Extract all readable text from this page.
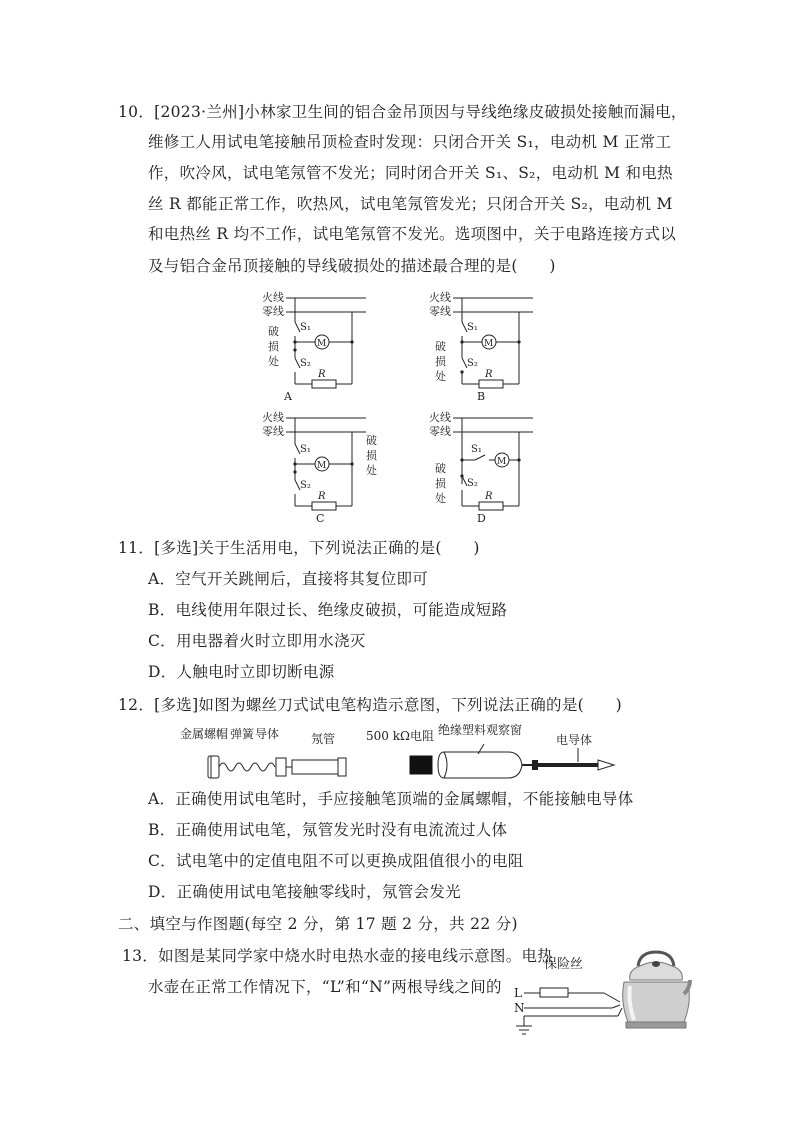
10．[2023·兰州]小林家卫生间的铝合金吊顶因与导线绝缘皮破损处接触而漏电，
维修工人用试电笔接触吊顶检查时发现：只闭合开关 S₁，电动机 M 正常工
作，吹冷风，试电笔氖管不发光；同时闭合开关 S₁、S₂，电动机 M 和电热
丝 R 都能正常工作，吹热风，试电笔氖管发光；只闭合开关 S₂，电动机 M
和电热丝 R 均不工作，试电笔氖管不发光。选项图中，关于电路连接方式以
及与铝合金吊顶接触的导线破损处的描述最合理的是(　　)
火线
零线
S₁
破
损
处
M
S₂
R
A
火线
零线
S₁
M
S₂
破
损
处	R
B
火线
零线
S₁
M
S₂
R
破
损
处
C
火线
零线
S₁
M
S₂
破
损
处	R
D
11．[多选]关于生活用电，下列说法正确的是(　　)
A．空气开关跳闸后，直接将其复位即可
B．电线使用年限过长、绝缘皮破损，可能造成短路
C．用电器着火时立即用水浇灭
D．人触电时立即切断电源
12．[多选]如图为螺丝刀式试电笔构造示意图，下列说法正确的是(　　)
金属螺帽 弹簧 导体	氖管	500 kΩ电阻 绝缘塑料观察窗
电导体
A．正确使用试电笔时，手应接触笔顶端的金属螺帽，不能接触电导体
B．正确使用试电笔，氖管发光时没有电流流过人体
C．试电笔中的定值电阻不可以更换成阻值很小的电阻
D．正确使用试电笔接触零线时，氖管会发光
二、填空与作图题(每空 2 分，第 17 题 2 分，共 22 分)
13．如图是某同学家中烧水时电热水壶的接电线示意图。电热
水壶在正常工作情况下，“L”和“N”两根导线之间的
保险丝
L
N
